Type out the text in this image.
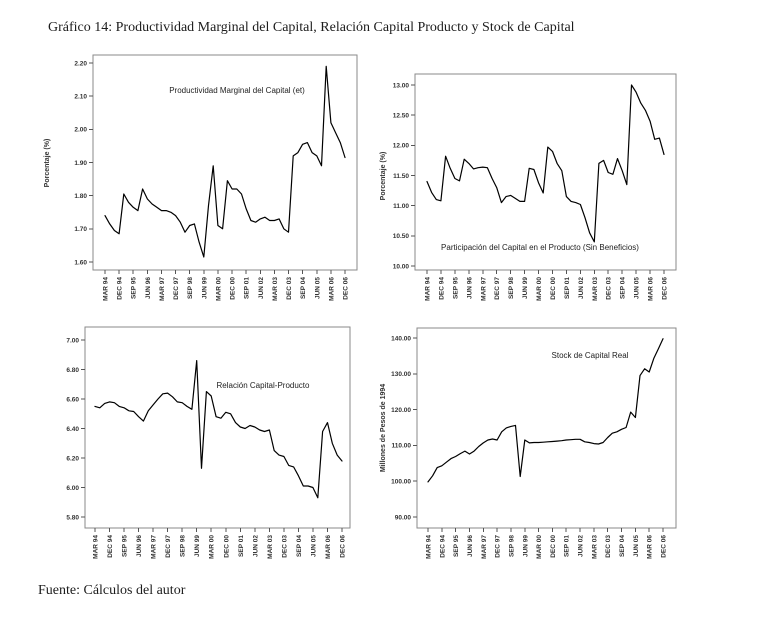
Gráfico 14: Productividad Marginal del Capital, Relación Capital Producto y Stock de Capital
1.60
1.70
1.80
1.90
2.00
2.10
2.20
MAR 94 DEC 94 SEP 95 JUN 96 MAR 97 DEC 97 SEP 98 JUN 99 MAR 00 DEC 00 SEP 01 JUN 02 MAR 03 DEC 03 SEP 04 JUN 05 MAR 06 DEC 06
Productividad Marginal del Capital (et)
Porcentaje (%)
10.00
10.50
11.00
11.50
12.00
12.50
13.00
MAR 94 DEC 94 SEP 95 JUN 96 MAR 97 DEC 97 SEP 98 JUN 99 MAR 00 DEC 00 SEP 01 JUN 02 MAR 03 DEC 03 SEP 04 JUN 05 MAR 06 DEC 06
Participación del Capital en el Producto (Sin Beneficios)
Porcentaje (%)
5.80
6.00
6.20
6.40
6.60
6.80
7.00
MAR 94 DEC 94 SEP 95 JUN 96 MAR 97 DEC 97 SEP 98 JUN 99 MAR 00 DEC 00 SEP 01 JUN 02 MAR 03 DEC 03 SEP 04 JUN 05 MAR 06 DEC 06
Relación Capital-Producto
90.00
100.00
110.00
120.00
130.00
140.00
MAR 94 DEC 94 SEP 95 JUN 96 MAR 97 DEC 97 SEP 98 JUN 99 MAR 00 DEC 00 SEP 01 JUN 02 MAR 03 DEC 03 SEP 04 JUN 05 MAR 06 DEC 06
Stock de Capital Real
Millones de Pesos de 1994
Fuente: Cálculos del autor
